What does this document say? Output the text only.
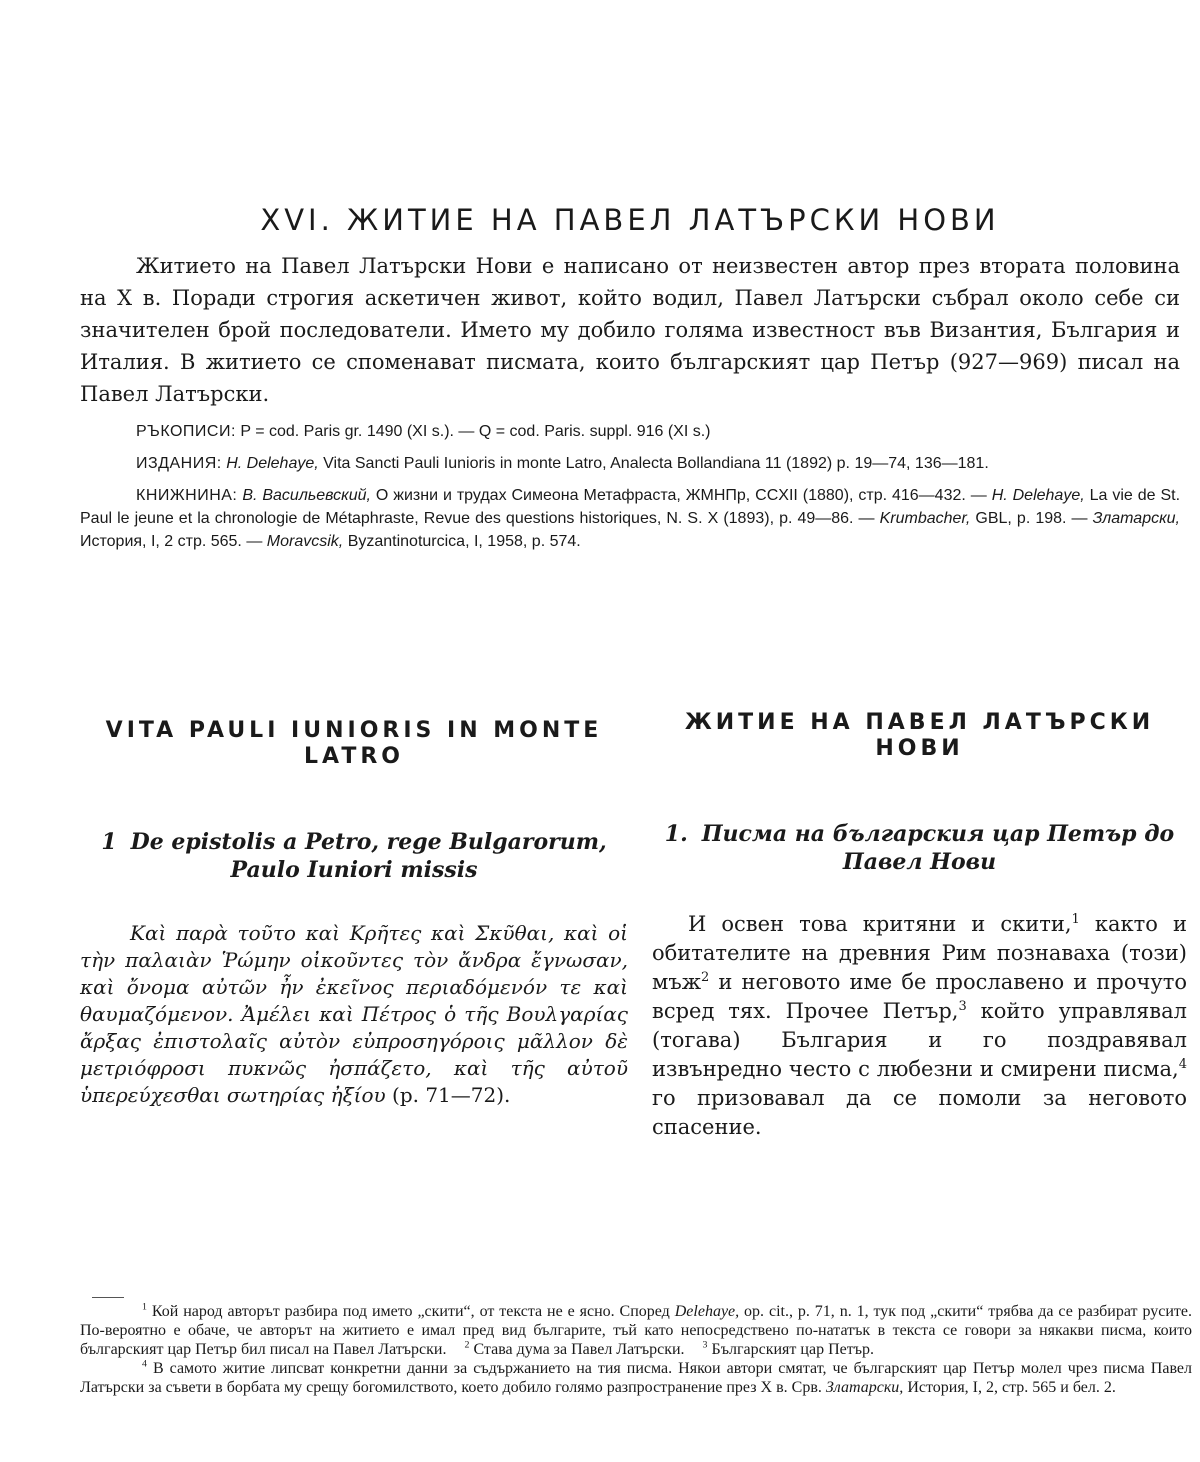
XVI. ЖИТИЕ НА ПАВЕЛ ЛАТЪРСКИ НОВИ

Житието на Павел Латърски Нови е написано от неизвестен автор през втората половина на X в. Поради строгия аскетичен живот, който водил, Павел Латърски събрал около себе си значителен брой последователи. Името му добило голяма известност във Византия, България и Италия. В житието се споменават писмата, които българският цар Петър (927—969) писал на Павел Латърски.

РЪКОПИСИ: P = cod. Paris gr. 1490 (XI s.). — Q = cod. Paris. suppl. 916 (XI s.)

ИЗДАНИЯ: H. Delehaye, Vita Sancti Pauli Iunioris in monte Latro, Analecta Bollandiana 11 (1892) p. 19—74, 136—181.

КНИЖНИНА: В. Васильевский, О жизни и трудах Симеона Метафраста, ЖМНПр, CCXII (1880), стр. 416—432. — H. Delehaye, La vie de St. Paul le jeune et la chronologie de Métaphraste, Revue des questions historiques, N. S. X (1893), p. 49—86. — Krumbacher, GBL, p. 198. — Златарски, История, I, 2 стр. 565. — Moravcsik, Byzantinoturcica, I, 1958, p. 574.

VITA PAULI IUNIORIS IN MONTE LATRO
1 De epistolis a Petro, rege Bulgarorum, Paulo Iuniori missis

Καὶ παρὰ τοῦτο καὶ Κρῆτες καὶ Σκῦθαι, καὶ οἱ τὴν παλαιὰν Ῥώμην οἰκοῦντες τὸν ἄνδρα ἔγνωσαν, καὶ ὄνομα αὐτῶν ἦν ἐκεῖνος περιαδόμενόν τε καὶ θαυμαζόμενον. Ἀμέλει καὶ Πέτρος ὁ τῆς Βουλγαρίας ἄρξας ἐπιστολαῖς αὐτὸν εὐπροσηγόροις μᾶλλον δὲ μετριόφροσι πυκνῶς ἠσπάζετο, καὶ τῆς αὐτοῦ ὑπερεύχεσθαι σωτηρίας ἠξίου (p. 71—72).

ЖИТИЕ НА ПАВЕЛ ЛАТЪРСКИ НОВИ
1. Писма на българския цар Петър до Павел Нови

И освен това критяни и скити,$^1$ както и обитателите на древния Рим познаваха (този) мъж$^2$ и неговото име бе прославено и прочуто всред тях. Прочее Петър,$^3$ който управлявал (тогава) България и го поздравявал извънредно често с любезни и смирени писма,$^4$ го призовавал да се помоли за неговото спасение.

$^1$ Кой народ авторът разбира под името „скити“, от текста не е ясно. Според Delehaye, op. cit., p. 71, n. 1, тук под „скити“ трябва да се разбират русите. По-вероятно е обаче, че авторът на житието е имал пред вид българите, тъй като непосредствено по-нататък в текста се говори за някакви писма, които българският цар Петър бил писал на Павел Латърски. $^2$ Става дума за Павел Латърски. $^3$ Българският цар Петър.

$^4$ В самото житие липсват конкретни данни за съдържанието на тия писма. Някои автори смятат, че българският цар Петър молел чрез писма Павел Латърски за съвети в борбата му срещу богомилството, което добило голямо разпространение през X в. Срв. Златарски, История, I, 2, стр. 565 и бел. 2.
